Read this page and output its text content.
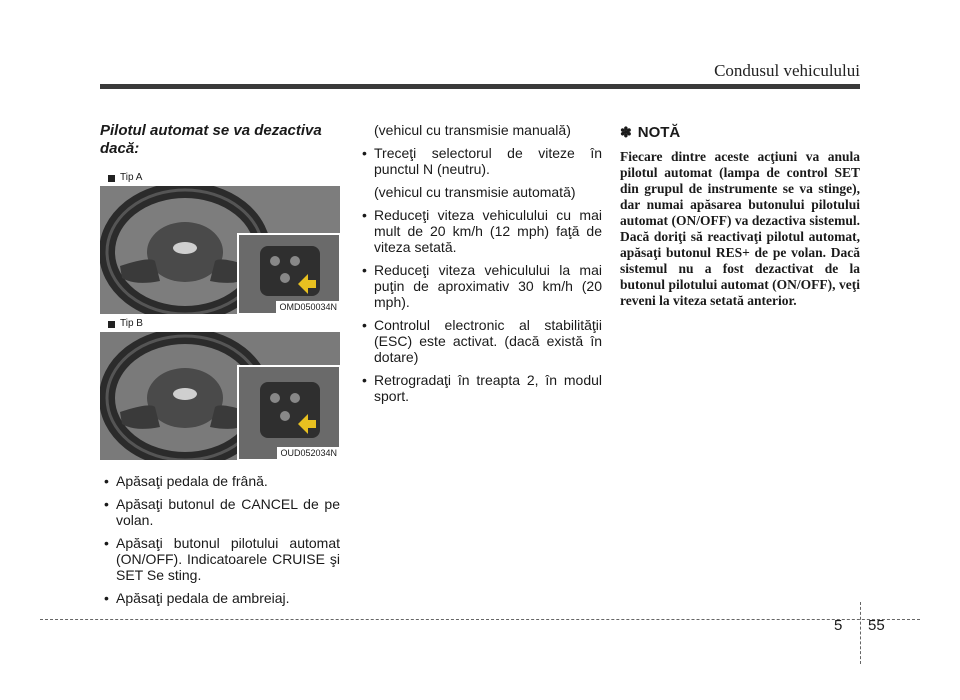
Condusul vehiculului
Pilotul automat se va dezactiva dacă:
Tip A
OMD050034N
Tip B
OUD052034N
• Apăsaţi pedala de frână.
• Apăsaţi butonul de CANCEL de pe volan.
• Apăsaţi butonul pilotului automat (ON/OFF). Indicatoarele CRUISE şi SET Se sting.
• Apăsaţi pedala de ambreiaj.
(vehicul cu transmisie manuală)
• Treceţi selectorul de viteze în punctul N (neutru).
(vehicul cu transmisie automată)
• Reduceţi viteza vehiculului cu mai mult de 20 km/h (12 mph) faţă de viteza setată.
• Reduceţi viteza vehiculului la mai puţin de aproximativ 30 km/h (20 mph).
• Controlul electronic al stabilităţii (ESC) este activat. (dacă există în dotare)
• Retrogradaţi în treapta 2, în modul sport.
✽ NOTĂ

Fiecare dintre aceste acţiuni va anula pilotul automat (lampa de control SET din grupul de instrumente se va stinge), dar numai apăsarea butonului pilotului automat (ON/OFF) va dezactiva sistemul. Dacă doriţi să reactivaţi pilotul automat, apăsaţi butonul RES+ de pe volan. Dacă sistemul nu a fost dezactivat de la butonul pilotului automat (ON/OFF), veţi reveni la viteza setată anterior.

5 55
